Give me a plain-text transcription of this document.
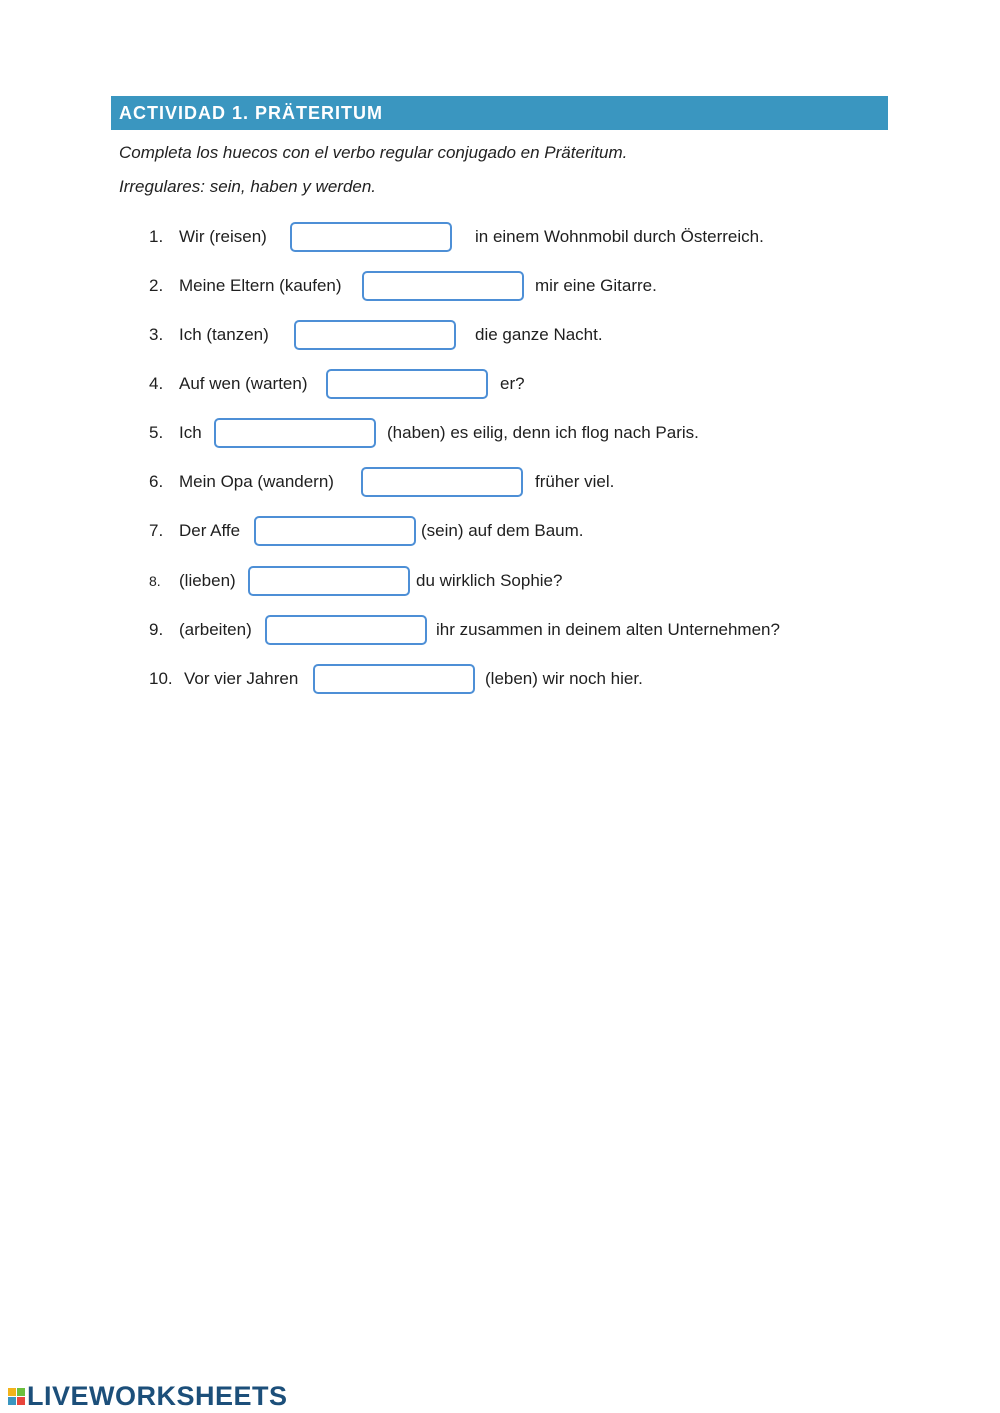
ACTIVIDAD 1. PRÄTERITUM
Completa los huecos con el verbo regular conjugado en Präteritum.
Irregulares: sein, haben y werden.
1. Wir (reisen)	in einem Wohnmobil durch Österreich.
2. Meine Eltern (kaufen)	mir eine Gitarre.
3. Ich (tanzen)	die ganze Nacht.
4. Auf wen (warten)	er?
5. Ich	(haben) es eilig, denn ich flog nach Paris.
6. Mein Opa (wandern)	früher viel.
7. Der Affe	(sein) auf dem Baum.
8. (lieben)	du wirklich Sophie?
9. (arbeiten)	ihr zusammen in deinem alten Unternehmen?
10. Vor vier Jahren	(leben) wir noch hier.
LIVEWORKSHEETS
